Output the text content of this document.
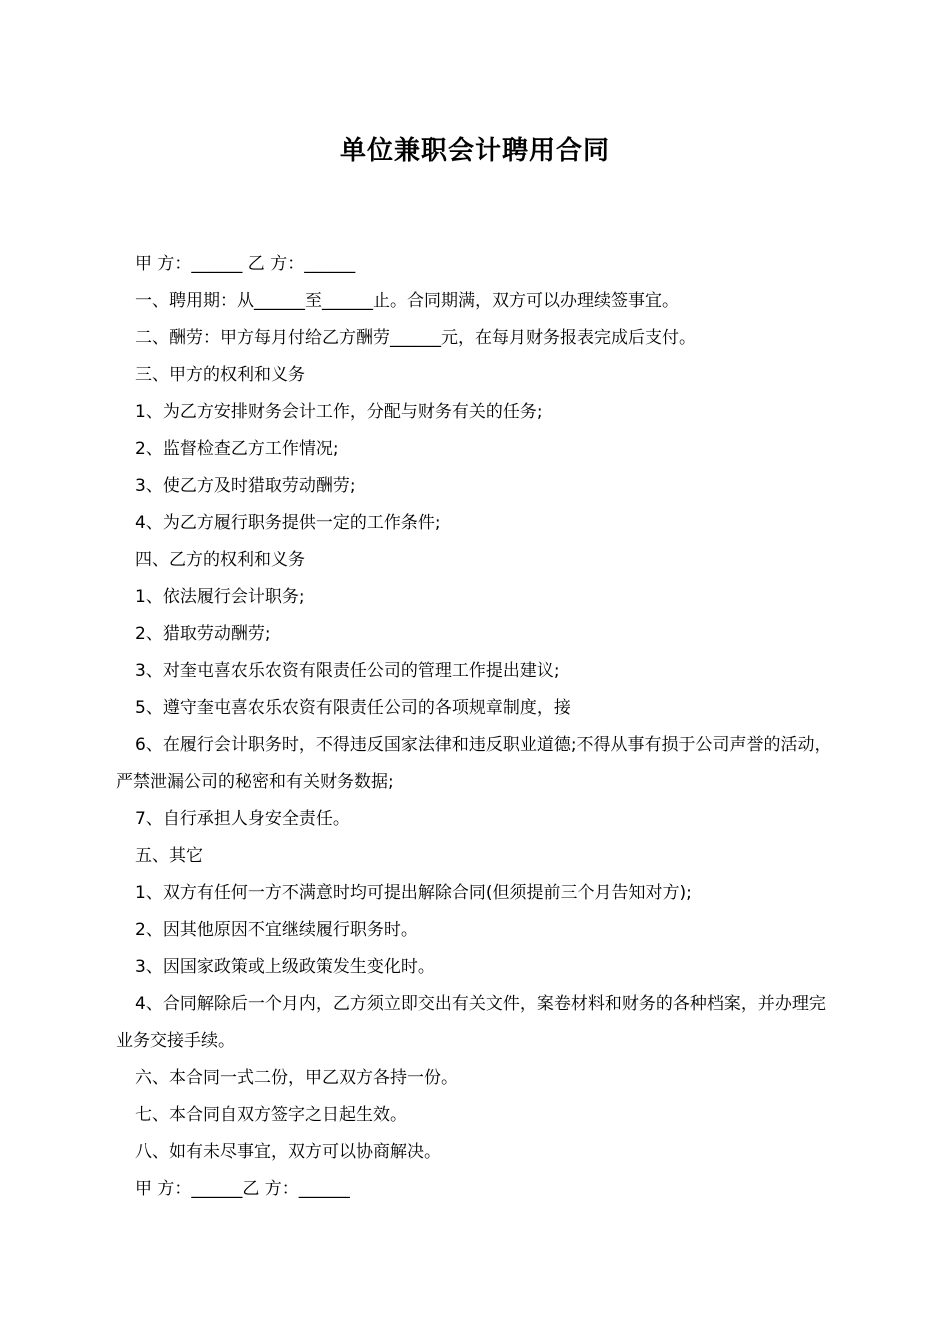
单位兼职会计聘用合同

甲 方：______ 乙 方：______

一、聘用期：从______至______止。合同期满，双方可以办理续签事宜。

二、酬劳：甲方每月付给乙方酬劳______元，在每月财务报表完成后支付。

三、甲方的权利和义务

1、为乙方安排财务会计工作，分配与财务有关的任务;

2、监督检查乙方工作情况;

3、使乙方及时猎取劳动酬劳;

4、为乙方履行职务提供一定的工作条件;

四、乙方的权利和义务

1、依法履行会计职务;

2、猎取劳动酬劳;

3、对奎屯喜农乐农资有限责任公司的管理工作提出建议;

5、遵守奎屯喜农乐农资有限责任公司的各项规章制度，接

6、在履行会计职务时，不得违反国家法律和违反职业道德;不得从事有损于公司声誉的活动，严禁泄漏公司的秘密和有关财务数据;

7、自行承担人身安全责任。

五、其它

1、双方有任何一方不满意时均可提出解除合同(但须提前三个月告知对方);

2、因其他原因不宜继续履行职务时。

3、因国家政策或上级政策发生变化时。

4、合同解除后一个月内，乙方须立即交出有关文件，案卷材料和财务的各种档案，并办理完业务交接手续。

六、本合同一式二份，甲乙双方各持一份。

七、本合同自双方签字之日起生效。

八、如有未尽事宜，双方可以协商解决。

甲 方：______乙 方：______
